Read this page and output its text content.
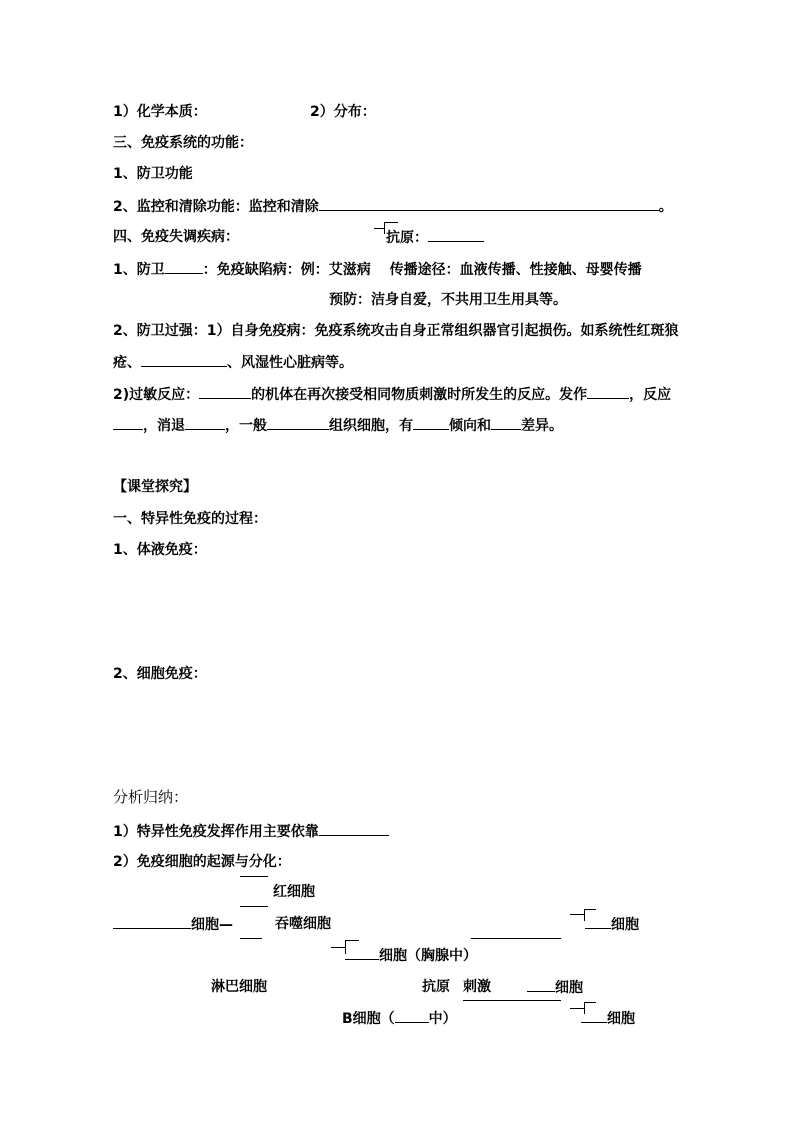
1）化学本质：	2）分布：
三、免疫系统的功能：
1、防卫功能
2、监控和清除功能：监控和清除	。
四、免疫失调疾病：	抗原：
1、防卫	：免疫缺陷病：例：艾滋病　 传播途径：血液传播、性接触、母婴传播
预防：洁身自爱，不共用卫生用具等。
2、防卫过强：1）自身免疫病：免疫系统攻击自身正常组织器官引起损伤。如系统性红斑狼
疮、	、风湿性心脏病等。
2)过敏反应：	的机体在再次接受相同物质刺激时所发生的反应。发作	，反应
，消退	，一般	组织细胞，有	倾向和 差异。
【课堂探究】
一、特异性免疫的过程：
1、体液免疫：
2、细胞免疫：
分析归纳：
1）特异性免疫发挥作用主要依靠
2）免疫细胞的起源与分化：
红细胞
细胞—	吞噬细胞	细胞
细胞（胸腺中）
淋巴细胞	抗原 刺激	细胞
B细胞（ 中）	细胞
